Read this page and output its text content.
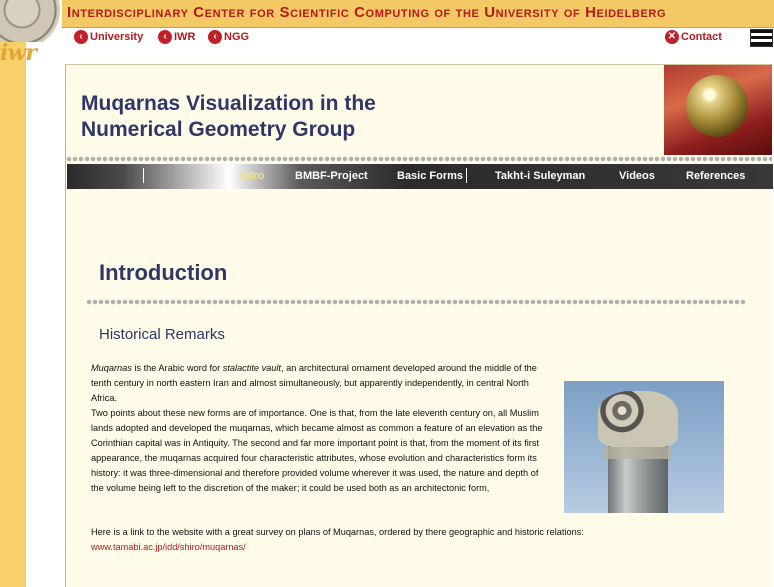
iwr
Interdisciplinary Center for Scientific Computing of the University of Heidelberg
‹ University	‹ IWR	‹ NGG	✕ Contact
Muqarnas Visualization in the
Numerical Geometry Group
Intro	BMBF-Project	Basic Forms	Takht-i Suleyman	Videos	References
Introduction
Historical Remarks

Muqarnas is the Arabic word for stalactite vault, an architectural ornament developed around the middle of the tenth century in north eastern Iran and almost simultaneously, but apparently independently, in central North Africa.

Two points about these new forms are of importance. One is that, from the late eleventh century on, all Muslim lands adopted and developed the muqarnas, which became almost as common a feature of an elevation as the Corinthian capital was in Antiquity. The second and far more important point is that, from the moment of its first appearance, the muqarnas acquired four characteristic attributes, whose evolution and characteristics form its history: it was three-dimensional and therefore provided volume wherever it was used, the nature and depth of the volume being left to the discretion of the maker; it could be used both as an architectonic form,

Here is a link to the website with a great survey on plans of Muqarnas, ordered by there geographic and historic relations:
www.tamabi.ac.jp/idd/shiro/muqarnas/
